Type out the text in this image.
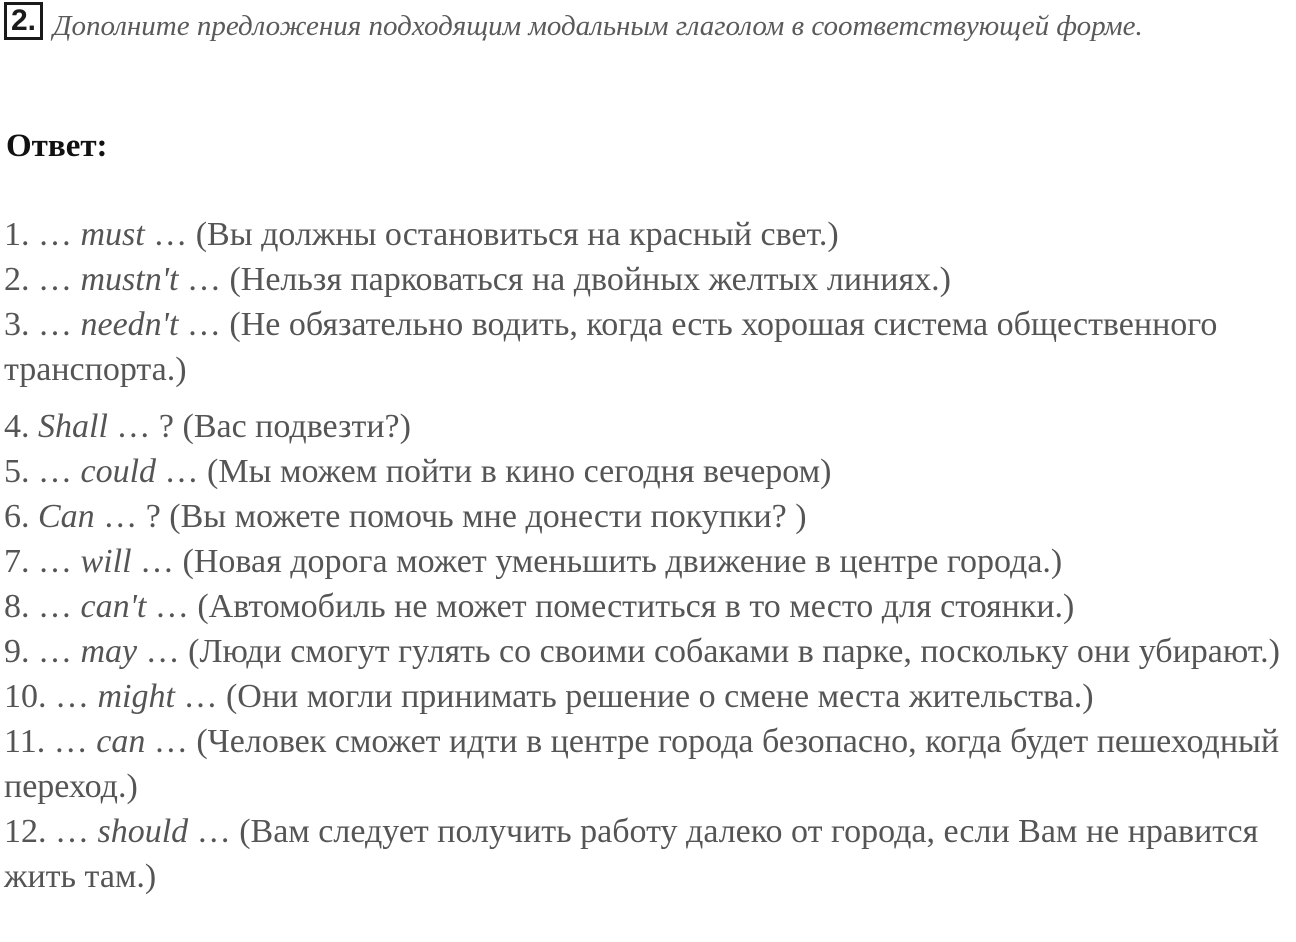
2. Дополните предложения подходящим модальным глаголом в соответствующей форме.
Ответ:
1. … must … (Вы должны остановиться на красный свет.)
2. … mustn't … (Нельзя парковаться на двойных желтых линиях.)
3. … needn't … (Не обязательно водить, когда есть хорошая система общественного транспорта.)
4. Shall … ? (Вас подвезти?)
5. … could … (Мы можем пойти в кино сегодня вечером)
6. Can … ? (Вы можете помочь мне донести покупки? )
7. … will … (Новая дорога может уменьшить движение в центре города.)
8. … can't … (Автомобиль не может поместиться в то место для стоянки.)
9. … may … (Люди смогут гулять со своими собаками в парке, поскольку они убирают.)
10. … might … (Они могли принимать решение о смене места жительства.)
11. … can … (Человек сможет идти в центре города безопасно, когда будет пешеходный переход.)
12. … should … (Вам следует получить работу далеко от города, если Вам не нравится жить там.)
